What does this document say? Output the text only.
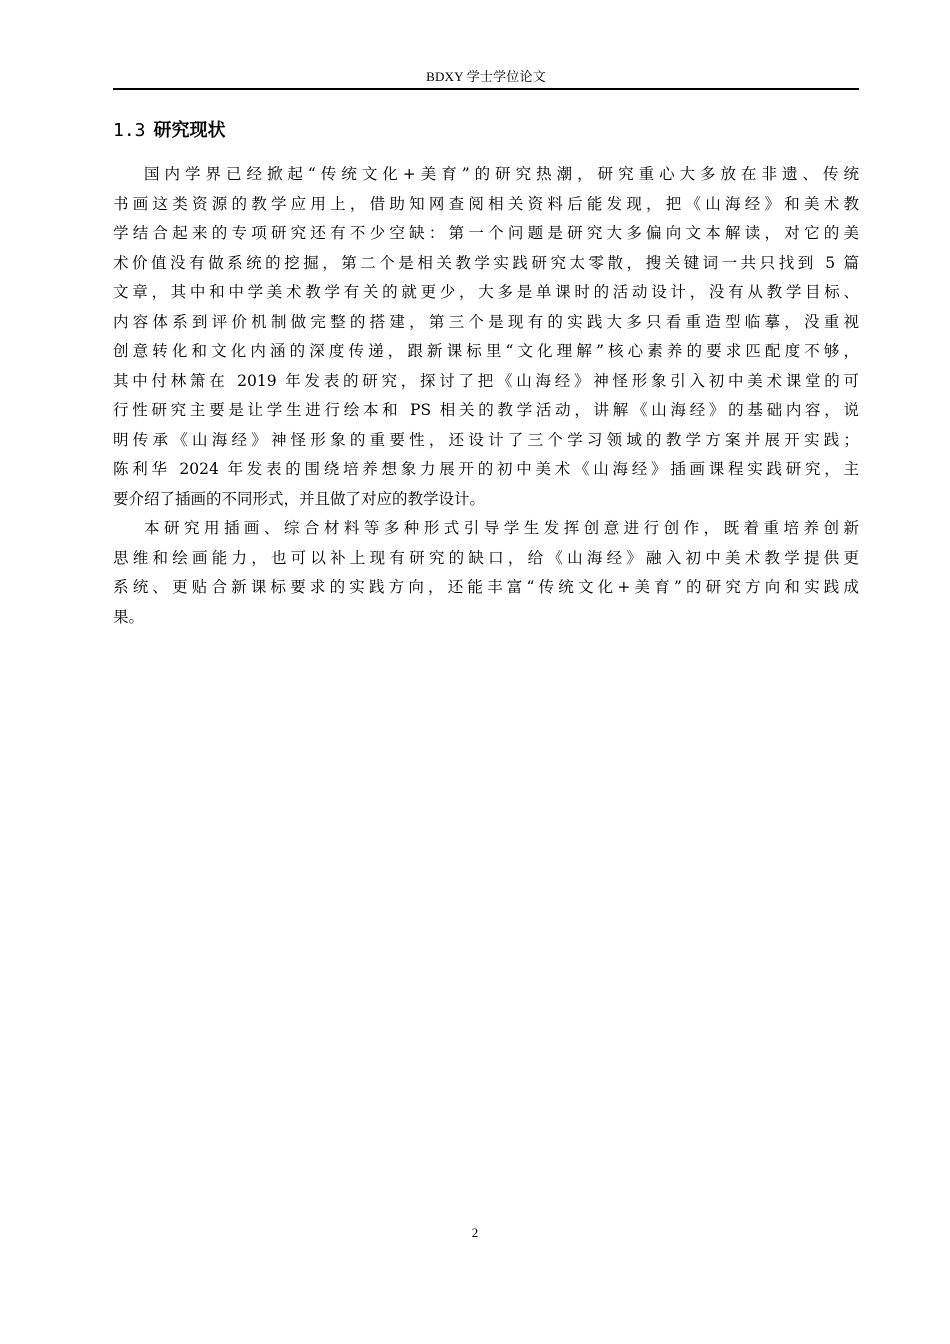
BDXY 学士学位论文
1.3 研究现状
国内学界已经掀起“传统文化+美育”的研究热潮，研究重心大多放在非遗、传统
书画这类资源的教学应用上，借助知网查阅相关资料后能发现，把《山海经》和美术教
学结合起来的专项研究还有不少空缺：第一个问题是研究大多偏向文本解读，对它的美
术价值没有做系统的挖掘，第二个是相关教学实践研究太零散，搜关键词一共只找到 5 篇
文章，其中和中学美术教学有关的就更少，大多是单课时的活动设计，没有从教学目标、
内容体系到评价机制做完整的搭建，第三个是现有的实践大多只看重造型临摹，没重视
创意转化和文化内涵的深度传递，跟新课标里“文化理解”核心素养的要求匹配度不够，
其中付林箫在 2019 年发表的研究，探讨了把《山海经》神怪形象引入初中美术课堂的可
行性研究主要是让学生进行绘本和 PS 相关的教学活动，讲解《山海经》的基础内容，说
明传承《山海经》神怪形象的重要性，还设计了三个学习领域的教学方案并展开实践；
陈利华 2024 年发表的围绕培养想象力展开的初中美术《山海经》插画课程实践研究，主
要介绍了插画的不同形式，并且做了对应的教学设计。
本研究用插画、综合材料等多种形式引导学生发挥创意进行创作，既着重培养创新
思维和绘画能力，也可以补上现有研究的缺口，给《山海经》融入初中美术教学提供更
系统、更贴合新课标要求的实践方向，还能丰富“传统文化+美育”的研究方向和实践成
果。
2
